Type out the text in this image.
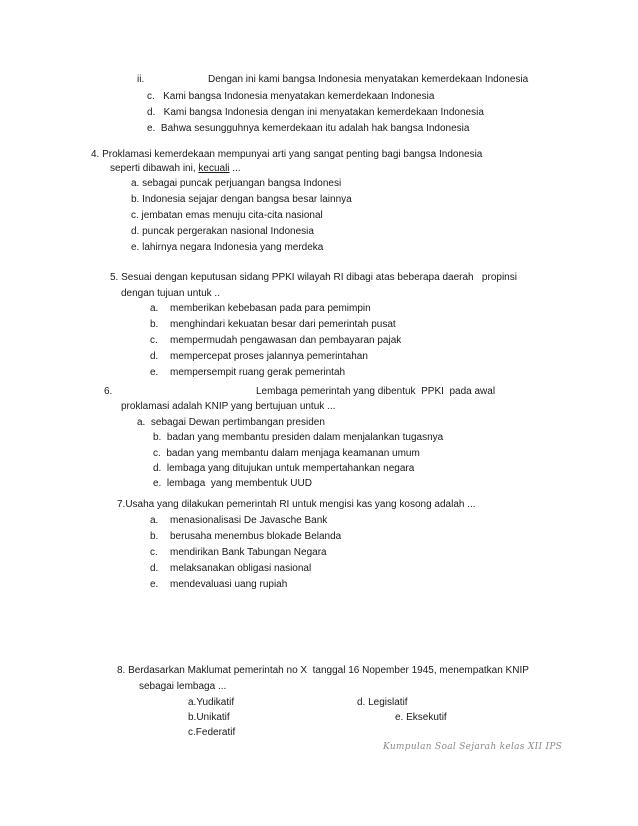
ii.	Dengan ini kami bangsa Indonesia menyatakan kemerdekaan Indonesia
c.   Kami bangsa Indonesia menyatakan kemerdekaan Indonesia
d.   Kami bangsa Indonesia dengan ini menyatakan kemerdekaan Indonesia
e.  Bahwa sesungguhnya kemerdekaan itu adalah hak bangsa Indonesia
4. Proklamasi kemerdekaan mempunyai arti yang sangat penting bagi bangsa Indonesia
seperti dibawah ini, kecuali ...
a. sebagai puncak perjuangan bangsa Indonesi
b. Indonesia sejajar dengan bangsa besar lainnya
c. jembatan emas menuju cita-cita nasional
d. puncak pergerakan nasional Indonesia
e. lahirnya negara Indonesia yang merdeka
5. Sesuai dengan keputusan sidang PPKI wilayah RI dibagi atas beberapa daerah   propinsi
dengan tujuan untuk ..
a. memberikan kebebasan pada para pemimpin
b. menghindari kekuatan besar dari pemerintah pusat
c. mempermudah pengawasan dan pembayaran pajak
d. mempercepat proses jalannya pemerintahan
e. mempersempit ruang gerak pemerintah
6.	Lembaga pemerintah yang dibentuk  PPKI  pada awal
proklamasi adalah KNIP yang bertujuan untuk ...
a.  sebagai Dewan pertimbangan presiden
b.  badan yang membantu presiden dalam menjalankan tugasnya
c.  badan yang membantu dalam menjaga keamanan umum
d.  lembaga yang ditujukan untuk mempertahankan negara
e.  lembaga  yang membentuk UUD
7.Usaha yang dilakukan pemerintah RI untuk mengisi kas yang kosong adalah ...
a. menasionalisasi De Javasche Bank
b. berusaha menembus blokade Belanda
c. mendirikan Bank Tabungan Negara
d. melaksanakan obligasi nasional
e. mendevaluasi uang rupiah
8. Berdasarkan Maklumat pemerintah no X  tanggal 16 Nopember 1945, menempatkan KNIP
sebagai lembaga ...
a.Yudikatif	d. Legislatif
b.Unikatif	e. Eksekutif
c.Federatif
Kumpulan Soal Sejarah kelas XII IPS
